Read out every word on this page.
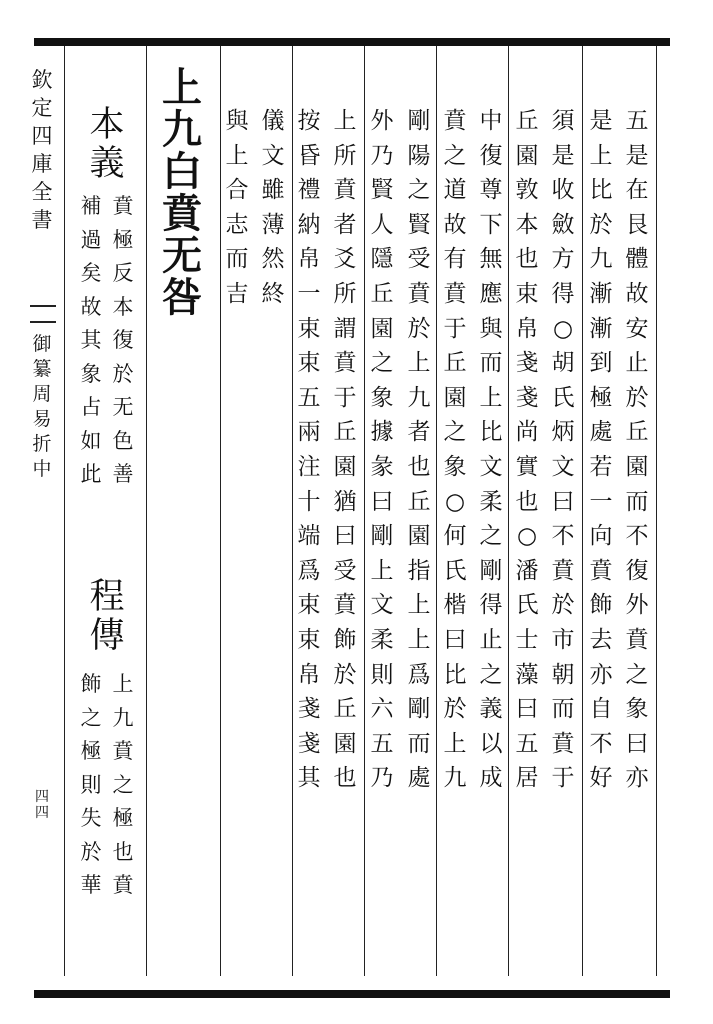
欽
定
四
庫
全
書
御
纂
周
易
折
中
四
四
五
是
在
艮
體
故
安
止
於
丘
園
而
不
復
外
賁
之
象
曰
亦
是
上
比
於
九
漸
漸
到
極
處
若
一
向
賁
飾
去
亦
自
不
好
須
是
收
斂
方
得
○
胡
氏
炳
文
曰
不
賁
於
市
朝
而
賁
于
丘
園
敦
本
也
束
帛
戔
戔
尚
實
也
○
潘
氏
士
藻
曰
五
居
中
復
尊
下
無
應
與
而
上
比
文
柔
之
剛
得
止
之
義
以
成
賁
之
道
故
有
賁
于
丘
園
之
象
○
何
氏
楷
曰
比
於
上
九
剛
陽
之
賢
受
賁
於
上
九
者
也
丘
園
指
上
上
爲
剛
而
處
外
乃
賢
人
隱
丘
園
之
象
據
彖
曰
剛
上
文
柔
則
六
五
乃
上
所
賁
者
爻
所
謂
賁
于
丘
園
猶
曰
受
賁
飾
於
丘
園
也
按
昏
禮
納
帛
一
束
束
五
兩
注
十
端
爲
束
束
帛
戔
戔
其
儀
文
雖
薄
然
終
與
上
合
志
而
吉
上
九
白
賁
无
咎
本
義
賁
極
反
本
復
於
无
色
善
補
過
矣
故
其
象
占
如
此
程
傳
上
九
賁
之
極
也
賁
飾
之
極
則
失
於
華
